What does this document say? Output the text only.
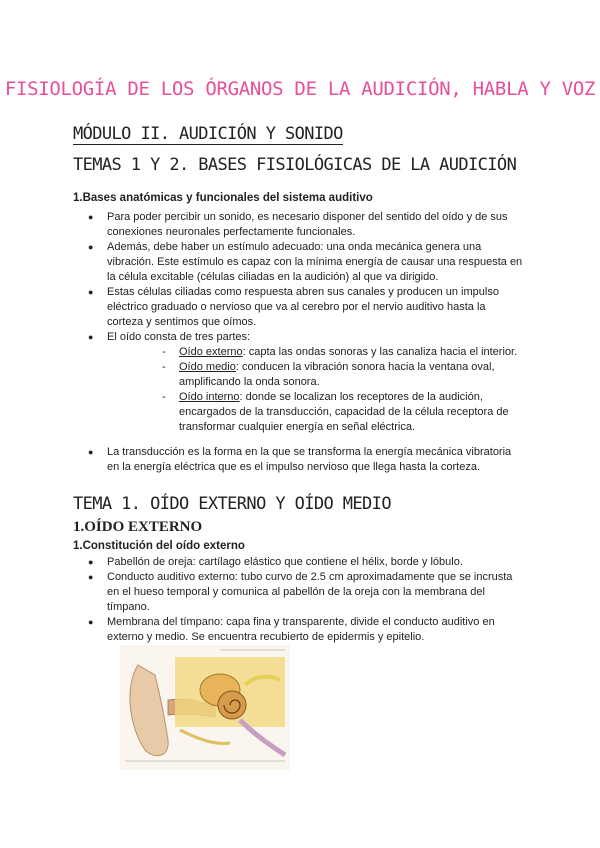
FISIOLOGÍA DE LOS ÓRGANOS DE LA AUDICIÓN, HABLA Y VOZ
MÓDULO II. AUDICIÓN Y SONIDO
TEMAS 1 Y 2. BASES FISIOLÓGICAS DE LA AUDICIÓN
1.Bases anatómicas y funcionales del sistema auditivo
● Para poder percibir un sonido, es necesario disponer del sentido del oído y de sus conexiones neuronales perfectamente funcionales.
● Además, debe haber un estímulo adecuado: una onda mecánica genera una vibración. Este estímulo es capaz con la mínima energía de causar una respuesta en la célula excitable (células ciliadas en la audición) al que va dirigido.
● Estas células ciliadas como respuesta abren sus canales y producen un impulso eléctrico graduado o nervioso que va al cerebro por el nervio auditivo hasta la corteza y sentimos que oímos.
● El oído consta de tres partes:
- Oído externo: capta las ondas sonoras y las canaliza hacia el interior.
- Oído medio: conducen la vibración sonora hacia la ventana oval, amplificando la onda sonora.
- Oído interno: donde se localizan los receptores de la audición, encargados de la transducción, capacidad de la célula receptora de transformar cualquier energía en señal eléctrica.
● La transducción es la forma en la que se transforma la energía mecánica vibratoria en la energía eléctrica que es el impulso nervioso que llega hasta la corteza.
TEMA 1. OÍDO EXTERNO Y OÍDO MEDIO
1.OÍDO EXTERNO
1.Constitución del oído externo
● Pabellón de oreja: cartílago elástico que contiene el hélix, borde y lóbulo.
● Conducto auditivo externo: tubo curvo de 2.5 cm aproximadamente que se incrusta en el hueso temporal y comunica al pabellón de la oreja con la membrana del tímpano.
● Membrana del tímpano: capa fina y transparente, divide el conducto auditivo en externo y medio. Se encuentra recubierto de epidermis y epitelio.
